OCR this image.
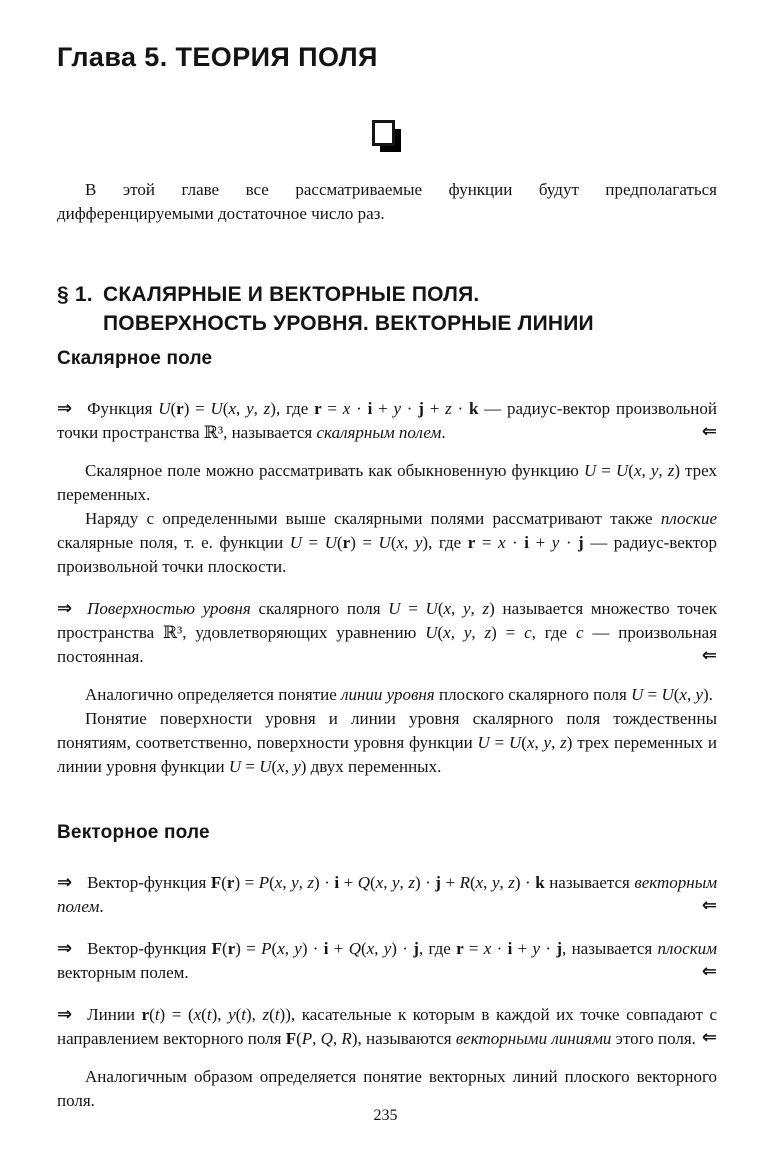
Глава 5. ТЕОРИЯ ПОЛЯ

В этой главе все рассматриваемые функции будут предполагаться дифференцируемыми достаточное число раз.

§ 1. СКАЛЯРНЫЕ И ВЕКТОРНЫЕ ПОЛЯ.
ПОВЕРХНОСТЬ УРОВНЯ. ВЕКТОРНЫЕ ЛИНИИ
Скалярное поле
⇒ Функция U(r) = U(x, y, z), где r = x · i + y · j + z · k — радиус-вектор произвольной точки пространства ℝ³, называется скалярным полем.	⇐

Скалярное поле можно рассматривать как обыкновенную функцию U = U(x, y, z) трех переменных.

Наряду с определенными выше скалярными полями рассматривают также плоские скалярные поля, т. е. функции U = U(r) = U(x, y), где r = x · i + y · j — радиус-вектор произвольной точки плоскости.

⇒ Поверхностью уровня скалярного поля U = U(x, y, z) называется множество точек пространства ℝ³, удовлетворяющих уравнению U(x, y, z) = c, где c — произвольная постоянная.	⇐

Аналогично определяется понятие линии уровня плоского скалярного поля U = U(x, y).

Понятие поверхности уровня и линии уровня скалярного поля тождественны понятиям, соответственно, поверхности уровня функции U = U(x, y, z) трех переменных и линии уровня функции U = U(x, y) двух переменных.

Векторное поле
⇒ Вектор-функция F(r) = P(x, y, z) · i + Q(x, y, z) · j + R(x, y, z) · k называется векторным полем.	⇐
⇒ Вектор-функция F(r) = P(x, y) · i + Q(x, y) · j, где r = x · i + y · j, называется плоским векторным полем.	⇐
⇒ Линии r(t) = (x(t), y(t), z(t)), касательные к которым в каждой их точке совпадают с направлением векторного поля F(P, Q, R), называются векторными линиями этого поля. ⇐

Аналогичным образом определяется понятие векторных линий плоского векторного поля.

235
